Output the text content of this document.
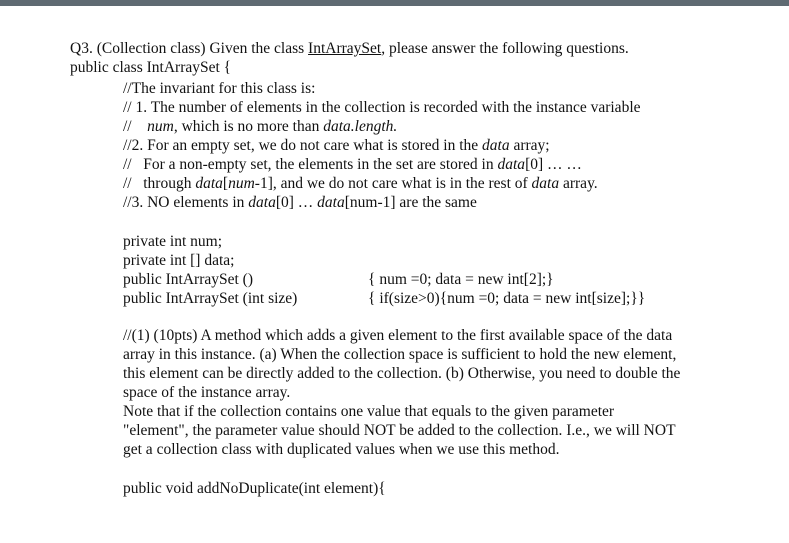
Q3. (Collection class) Given the class IntArraySet, please answer the following questions.
public class IntArraySet {
//The invariant for this class is:
// 1. The number of elements in the collection is recorded with the instance variable
//    num, which is no more than data.length.
//2. For an empty set, we do not care what is stored in the data array;
//   For a non-empty set, the elements in the set are stored in data[0] … …
//   through data[num-1], and we do not care what is in the rest of data array.
//3. NO elements in data[0] … data[num-1] are the same
private int num;
private int [] data;
public IntArraySet ()	{ num =0; data = new int[2];}
public IntArraySet (int size)	{ if(size>0){num =0; data = new int[size];}}
//(1) (10pts) A method which adds a given element to the first available space of the data
array in this instance. (a) When the collection space is sufficient to hold the new element,
this element can be directly added to the collection. (b) Otherwise, you need to double the
space of the instance array.
Note that if the collection contains one value that equals to the given parameter
"element", the parameter value should NOT be added to the collection. I.e., we will NOT
get a collection class with duplicated values when we use this method.
public void addNoDuplicate(int element){
